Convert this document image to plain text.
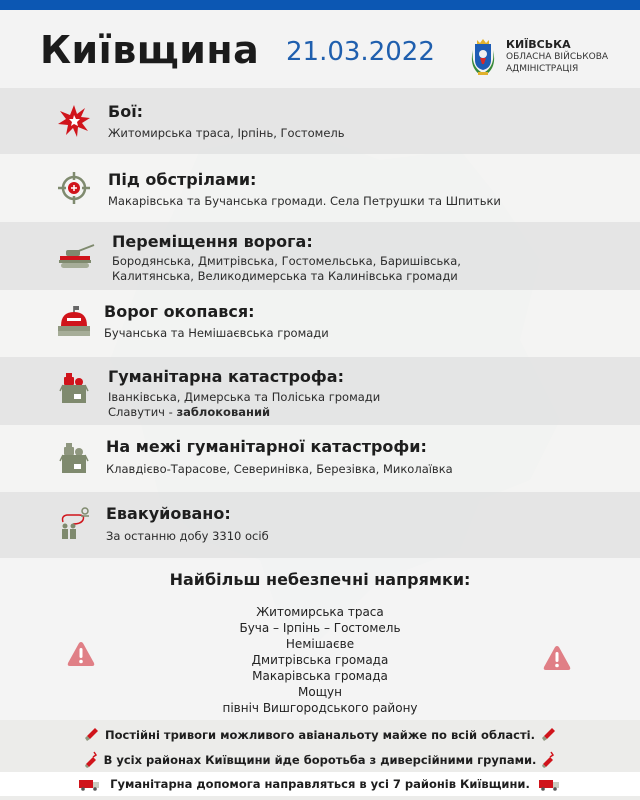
Київщина 21.03.2022	КИЇВСЬКА
ОБЛАСНА ВІЙСЬКОВА
АДМІНІСТРАЦІЯ
Бої:
Житомирська траса, Ірпінь, Гостомель
Під обстрілами:
Макарівська та Бучанська громади. Села Петрушки та Шпитьки
Переміщення ворога:
Бородянська, Дмитрівська, Гостомельська, Баришівська,
Калитянська, Великодимерська та Калинівська громади
Ворог окопався:
Бучанська та Немішаєвська громади
Гуманітарна катастрофа:
Іванківська, Димерська та Поліська громади
Славутич - заблокований
На межі гуманітарної катастрофи:
Клавдієво-Тарасове, Северинівка, Березівка, Миколаївка
Евакуйовано:
За останню добу 3310 осіб
Найбільш небезпечні напрямки:
Житомирська траса
Буча – Ірпінь – Гостомель
Немішаєве
Дмитрівська громада
Макарівська громада
Мощун
північ Вишгородського району
Постійні тривоги можливого авіанальоту майже по всій області.
В усіх районах Київщини йде боротьба з диверсійними групами.
Гуманітарна допомога направляться в усі 7 районів Київщини.
